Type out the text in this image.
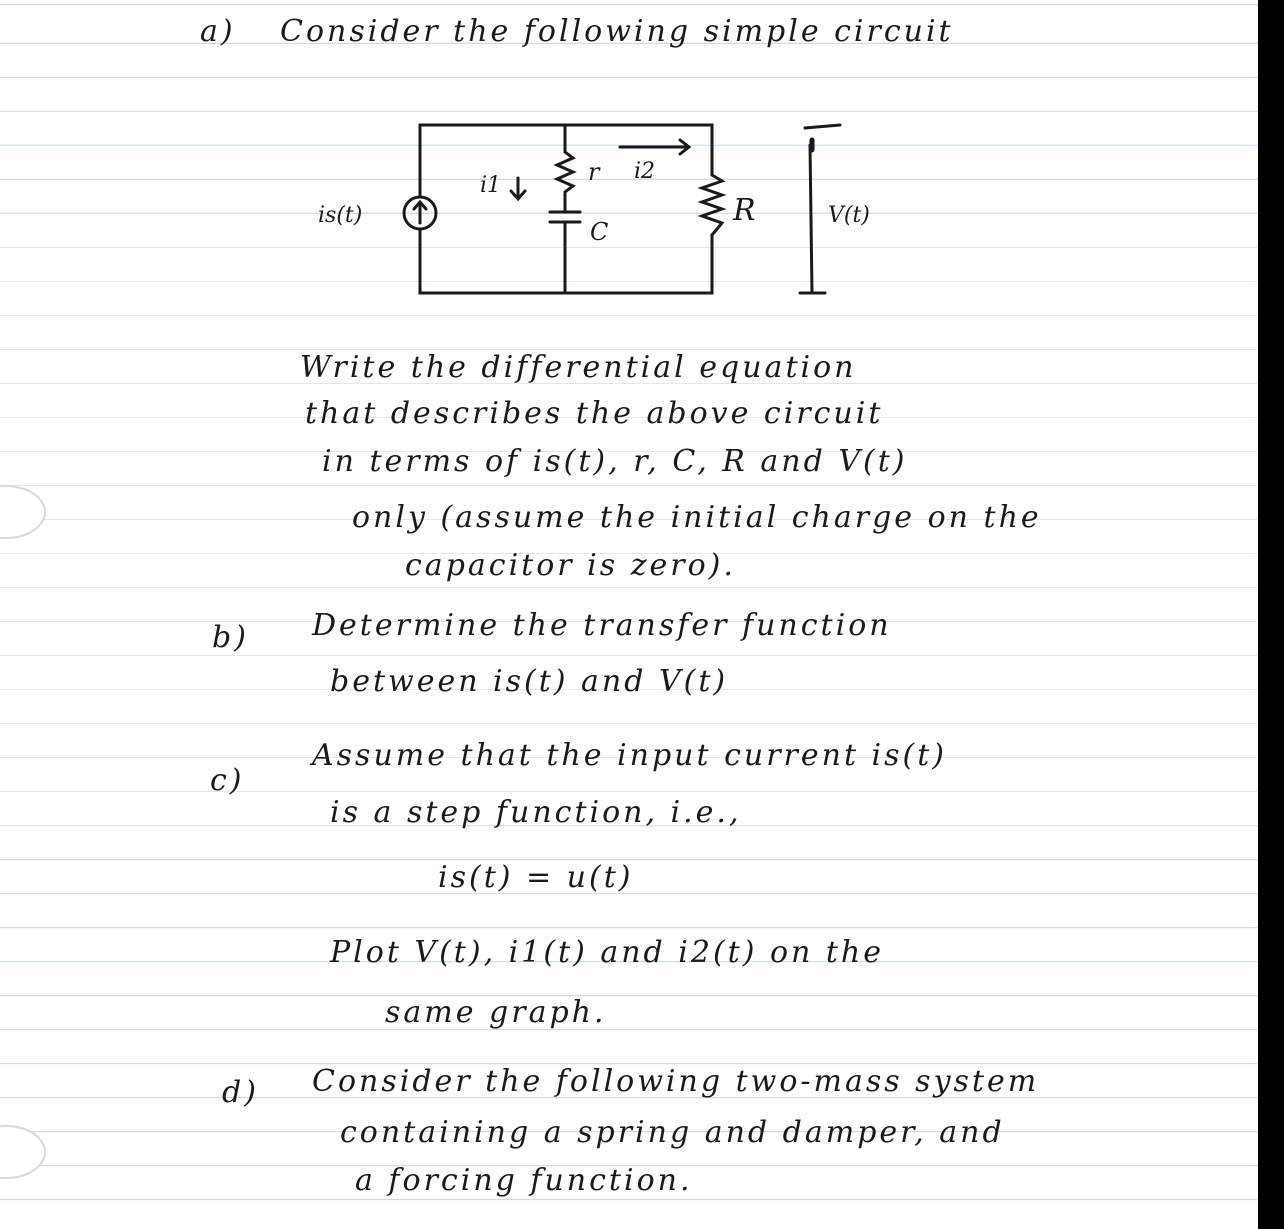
a) Consider the following simple circuit
is(t)
i1
i2
r
C
R	V(t)
Write the differential equation
that describes the above circuit
in terms of is(t), r, C, R and V(t)
only (assume the initial charge on the
capacitor is zero).
b) Determine the transfer function
between is(t) and V(t)
c)
Assume that the input current is(t)
is a step function, i.e.,
is(t) = u(t)
Plot V(t), i1(t) and i2(t) on the
same graph.
d) Consider the following two-mass system
containing a spring and damper, and
a forcing function.
